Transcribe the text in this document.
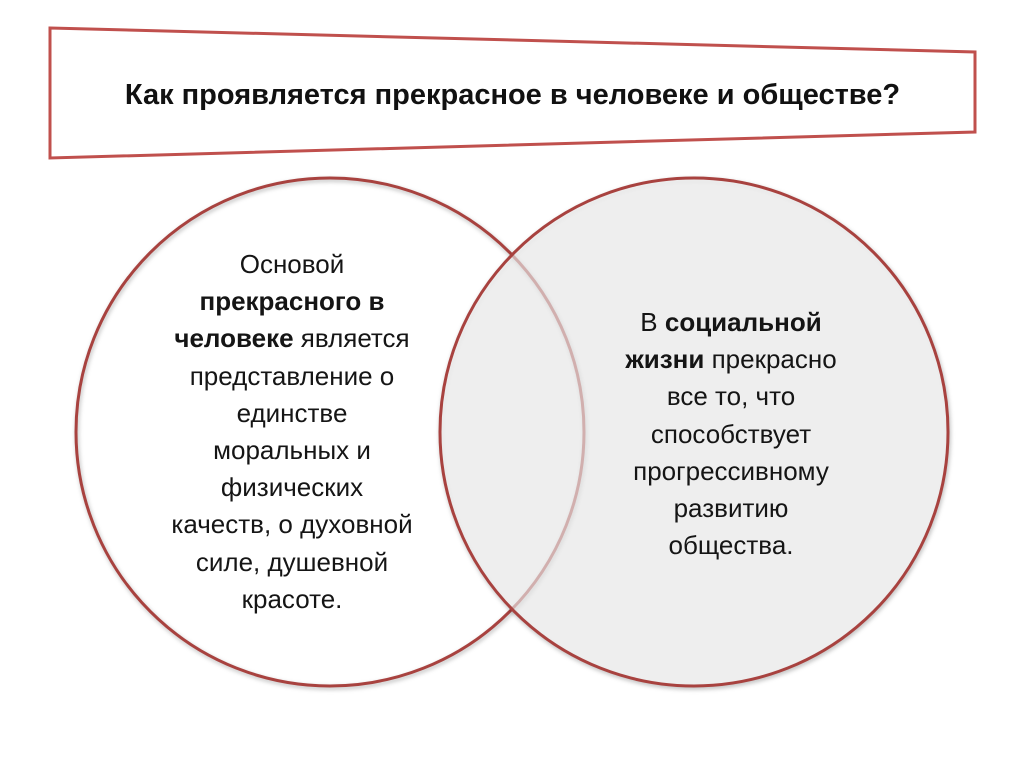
Как проявляется прекрасное в человеке и обществе?
Основой
прекрасного в
человеке является
представление о
единстве
моральных и
физических
качеств, о духовной
силе, душевной
красоте.
В социальной
жизни прекрасно
все то, что
способствует
прогрессивному
развитию
общества.
